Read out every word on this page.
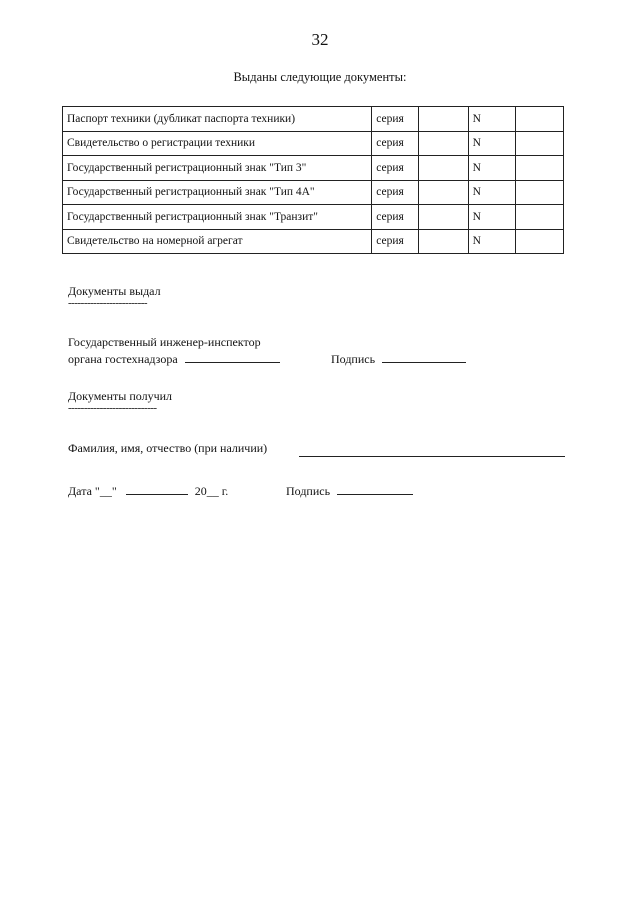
32
Выданы следующие документы:
Паспорт техники (дубликат паспорта техники)	серия		N	
Свидетельство о регистрации техники	серия		N	
Государственный регистрационный знак "Тип 3"	серия		N	
Государственный регистрационный знак "Тип 4А"	серия		N	
Государственный регистрационный знак "Транзит"	серия		N	
Свидетельство на номерной агрегат	серия		N	
Документы выдал
-------------------------
Государственный инженер-инспектор
органа гостехнадзора	Подпись
Документы получил
----------------------------
Фамилия, имя, отчество (при наличии)
Дата "__"	20__ г.	Подпись
